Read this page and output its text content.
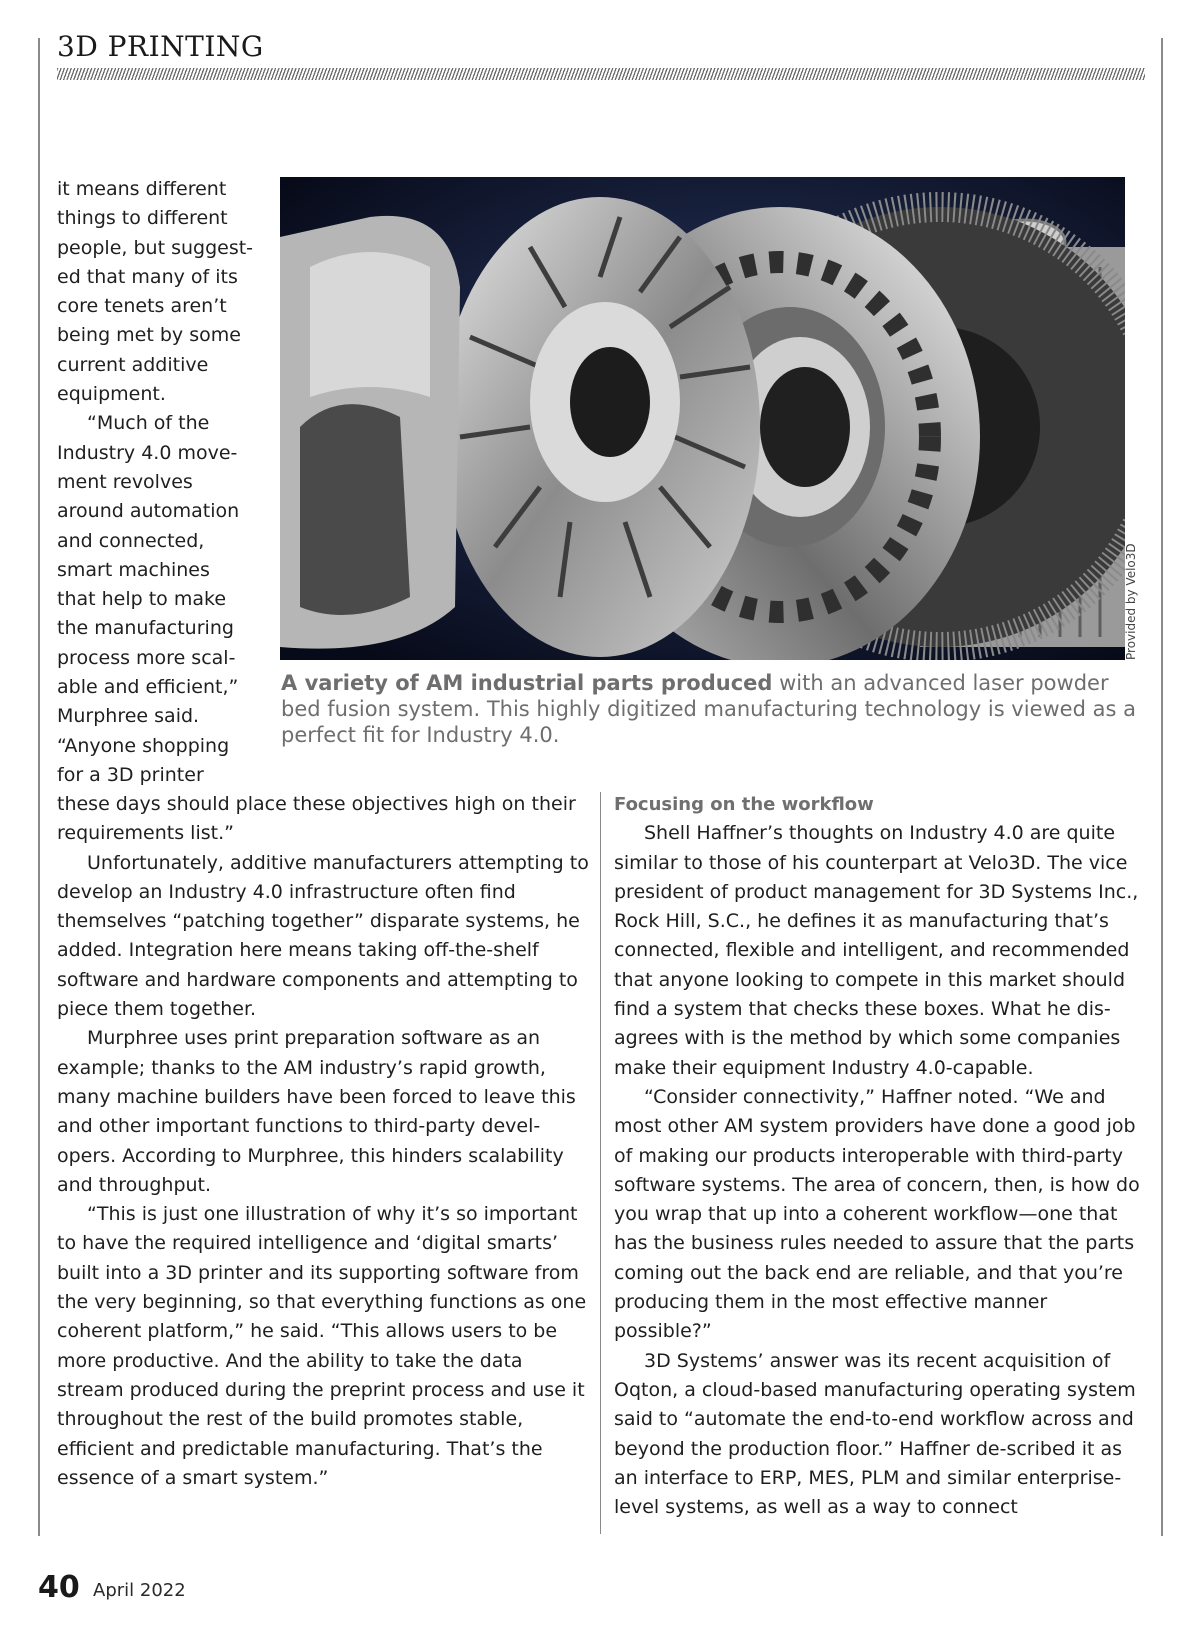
3D PRINTING
it means different
things to different
people, but suggest-
ed that many of its
core tenets aren’t
being met by some
current additive
equipment.
“Much of the
Industry 4.0 move-
ment revolves
around automation
and connected,
smart machines
that help to make
the manufacturing
process more scal-
able and efficient,”
Murphree said.
“Anyone shopping
for a 3D printer
Provided by Velo3D

A variety of AM industrial parts produced with an advanced laser powder bed fusion system. This highly digitized manufacturing technology is viewed as a perfect fit for Industry 4.0.

these days should place these objectives high on their requirements list.”

Unfortunately, additive manufacturers attempting to develop an Industry 4.0 infrastructure often find themselves “patching together” disparate systems, he added. Integration here means taking off-the-shelf software and hardware components and attempting to piece them together.

Murphree uses print preparation software as an example; thanks to the AM industry’s rapid growth, many machine builders have been forced to leave this and other important functions to third-party devel-opers. According to Murphree, this hinders scalability and throughput.

“This is just one illustration of why it’s so important to have the required intelligence and ‘digital smarts’ built into a 3D printer and its supporting software from the very beginning, so that everything functions as one coherent platform,” he said. “This allows users to be more productive. And the ability to take the data stream produced during the preprint process and use it throughout the rest of the build promotes stable, efficient and predictable manufacturing. That’s the essence of a smart system.”

Focusing on the workflow

Shell Haffner’s thoughts on Industry 4.0 are quite similar to those of his counterpart at Velo3D. The vice president of product management for 3D Systems Inc., Rock Hill, S.C., he defines it as manufacturing that’s connected, flexible and intelligent, and recommended that anyone looking to compete in this market should find a system that checks these boxes. What he dis-agrees with is the method by which some companies make their equipment Industry 4.0-capable.

“Consider connectivity,” Haffner noted. “We and most other AM system providers have done a good job of making our products interoperable with third-party software systems. The area of concern, then, is how do you wrap that up into a coherent workflow—one that has the business rules needed to assure that the parts coming out the back end are reliable, and that you’re producing them in the most effective manner possible?”

3D Systems’ answer was its recent acquisition of Oqton, a cloud-based manufacturing operating system said to “automate the end-to-end workflow across and beyond the production floor.” Haffner de-scribed it as an interface to ERP, MES, PLM and similar enterprise-level systems, as well as a way to connect

40 April 2022
